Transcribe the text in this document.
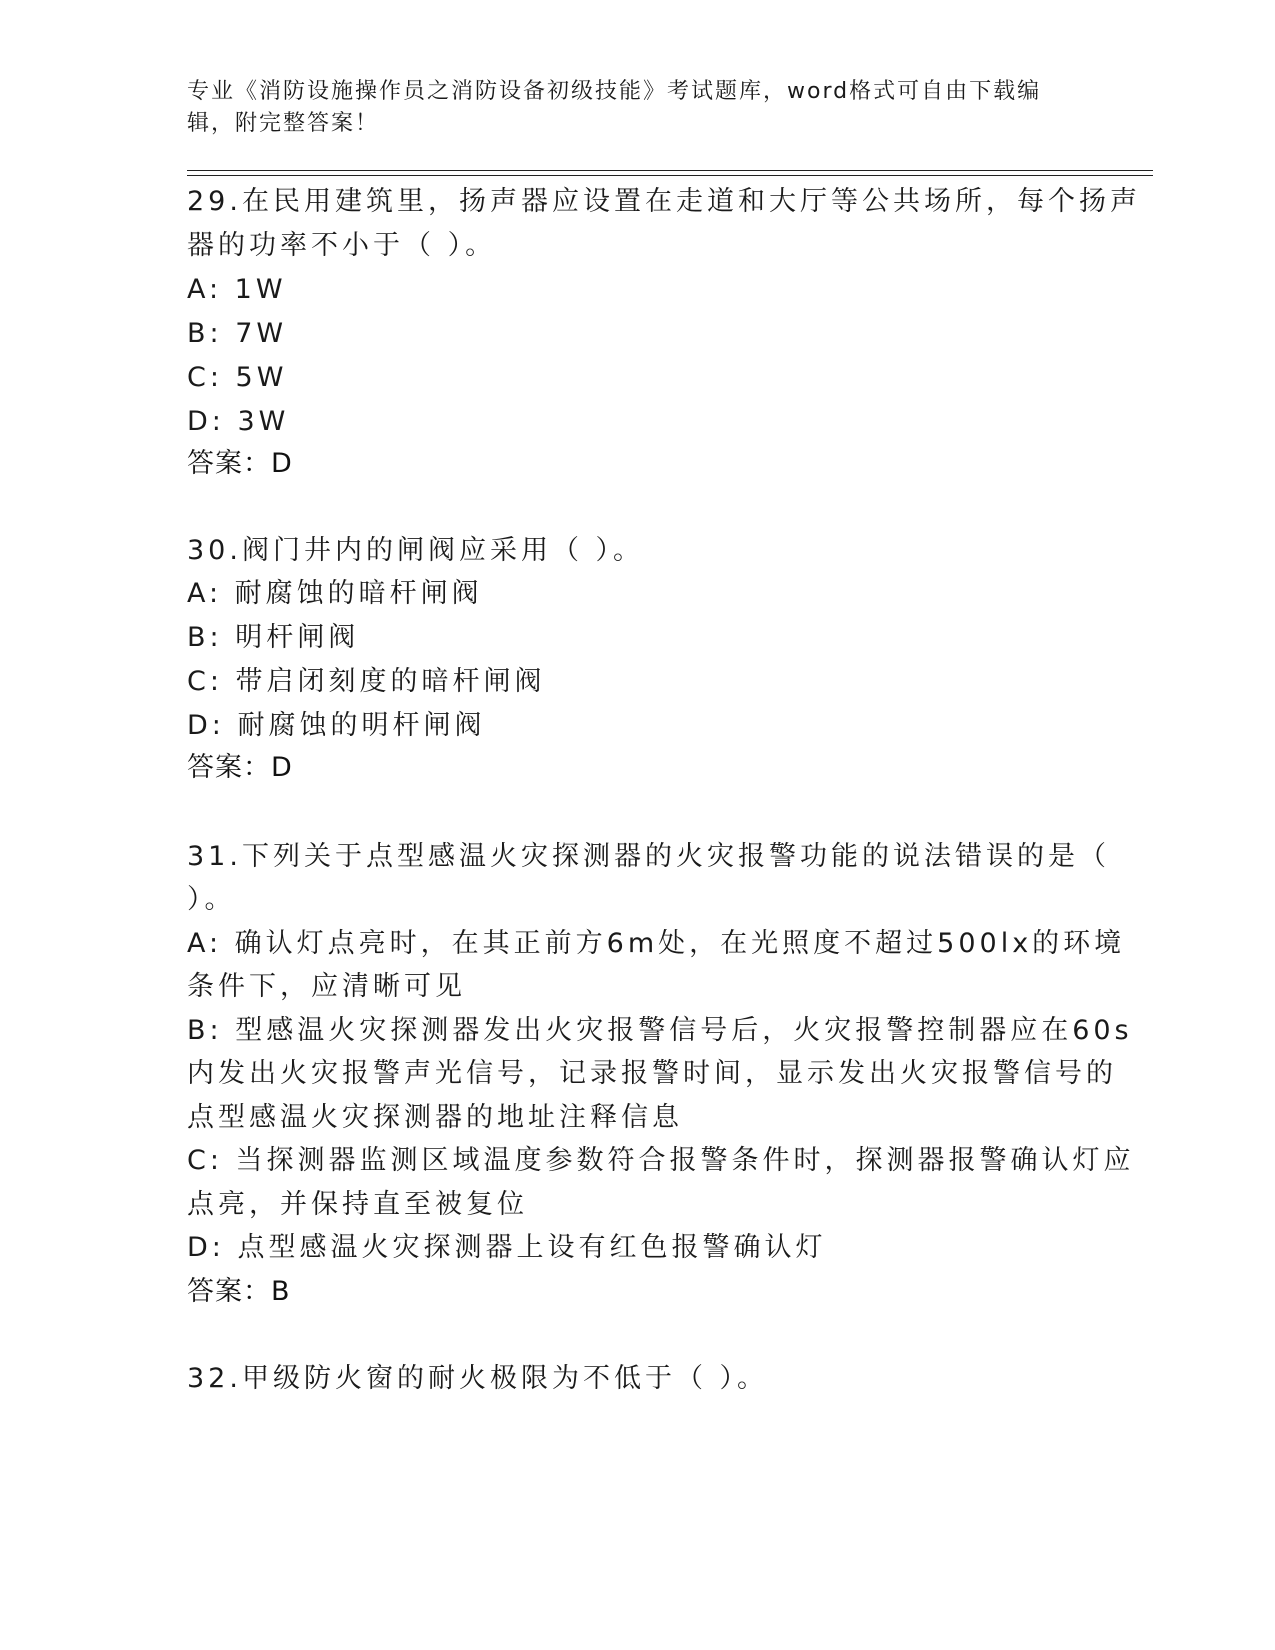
专业《消防设施操作员之消防设备初级技能》考试题库，word格式可自由下载编
辑，附完整答案！
29.在民用建筑里，扬声器应设置在走道和大厅等公共场所，每个扬声
器的功率不小于（ ）。
A: 1W
B: 7W
C: 5W
D: 3W
答案：D
30.阀门井内的闸阀应采用（ ）。
A: 耐腐蚀的暗杆闸阀
B: 明杆闸阀
C: 带启闭刻度的暗杆闸阀
D: 耐腐蚀的明杆闸阀
答案：D
31.下列关于点型感温火灾探测器的火灾报警功能的说法错误的是（
）。
A: 确认灯点亮时，在其正前方6m处，在光照度不超过500lx的环境
条件下，应清晰可见
B: 型感温火灾探测器发出火灾报警信号后，火灾报警控制器应在60s
内发出火灾报警声光信号，记录报警时间，显示发出火灾报警信号的
点型感温火灾探测器的地址注释信息
C: 当探测器监测区域温度参数符合报警条件时，探测器报警确认灯应
点亮，并保持直至被复位
D: 点型感温火灾探测器上设有红色报警确认灯
答案：B
32.甲级防火窗的耐火极限为不低于（ ）。
